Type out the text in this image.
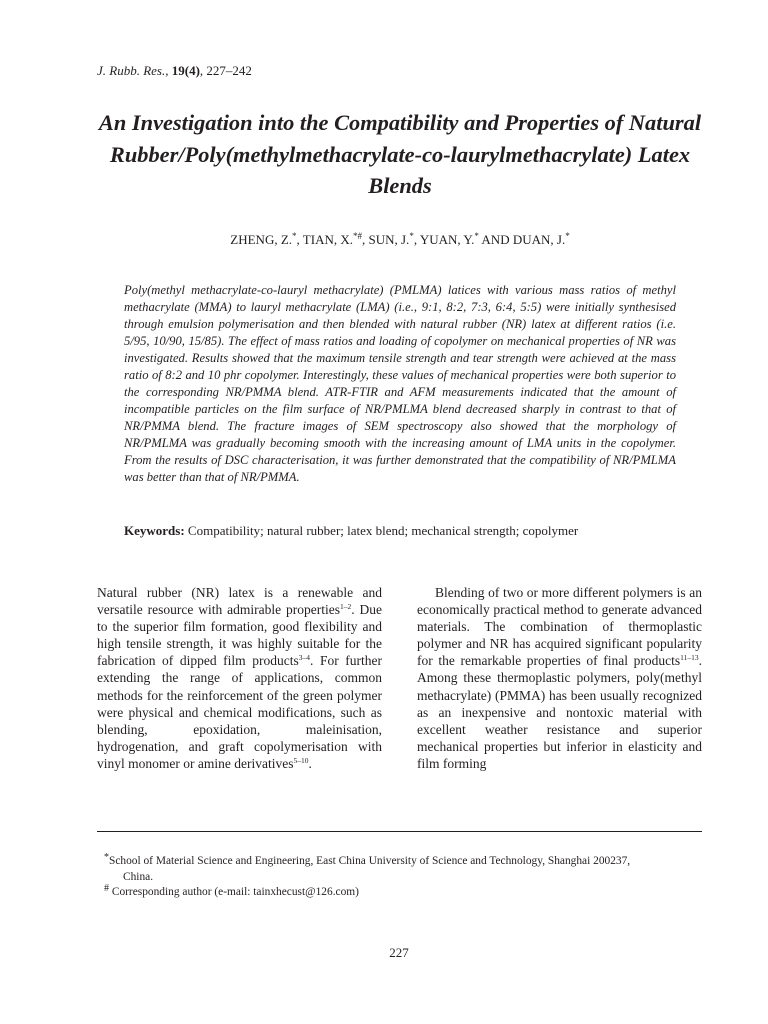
J. Rubb. Res., 19(4), 227–242
An Investigation into the Compatibility and Properties of Natural Rubber/Poly(methylmethacrylate-co-laurylmethacrylate) Latex Blends
ZHENG, Z.*, TIAN, X.*#, SUN, J.*, YUAN, Y.* AND DUAN, J.*

Poly(methyl methacrylate-co-lauryl methacrylate) (PMLMA) latices with various mass ratios of methyl methacrylate (MMA) to lauryl methacrylate (LMA) (i.e., 9:1, 8:2, 7:3, 6:4, 5:5) were initially synthesised through emulsion polymerisation and then blended with natural rubber (NR) latex at different ratios (i.e. 5/95, 10/90, 15/85). The effect of mass ratios and loading of copolymer on mechanical properties of NR was investigated. Results showed that the maximum tensile strength and tear strength were achieved at the mass ratio of 8:2 and 10 phr copolymer. Interestingly, these values of mechanical properties were both superior to the corresponding NR/PMMA blend. ATR-FTIR and AFM measurements indicated that the amount of incompatible particles on the film surface of NR/PMLMA blend decreased sharply in contrast to that of NR/PMMA blend. The fracture images of SEM spectroscopy also showed that the morphology of NR/PMLMA was gradually becoming smooth with the increasing amount of LMA units in the copolymer. From the results of DSC characterisation, it was further demonstrated that the compatibility of NR/PMLMA was better than that of NR/PMMA.

Keywords: Compatibility; natural rubber; latex blend; mechanical strength; copolymer

Natural rubber (NR) latex is a renewable and versatile resource with admirable properties$^{1-2}$. Due to the superior film formation, good flexibility and high tensile strength, it was highly suitable for the fabrication of dipped film products$^{3-4}$. For further extending the range of applications, common methods for the reinforcement of the green polymer were physical and chemical modifications, such as blending, epoxidation, maleinisation, hydrogenation, and graft copolymerisation with vinyl monomer or amine derivatives$^{5-10}$.

Blending of two or more different polymers is an economically practical method to generate advanced materials. The combination of thermoplastic polymer and NR has acquired significant popularity for the remarkable properties of final products$^{11-13}$. Among these thermoplastic polymers, poly(methyl methacrylate) (PMMA) has been usually recognized as an inexpensive and nontoxic material with excellent weather resistance and superior mechanical properties but inferior in elasticity and film forming

*School of Material Science and Engineering, East China University of Science and Technology, Shanghai 200237,
China.

# Corresponding author (e-mail: tainxhecust@126.com)

227
